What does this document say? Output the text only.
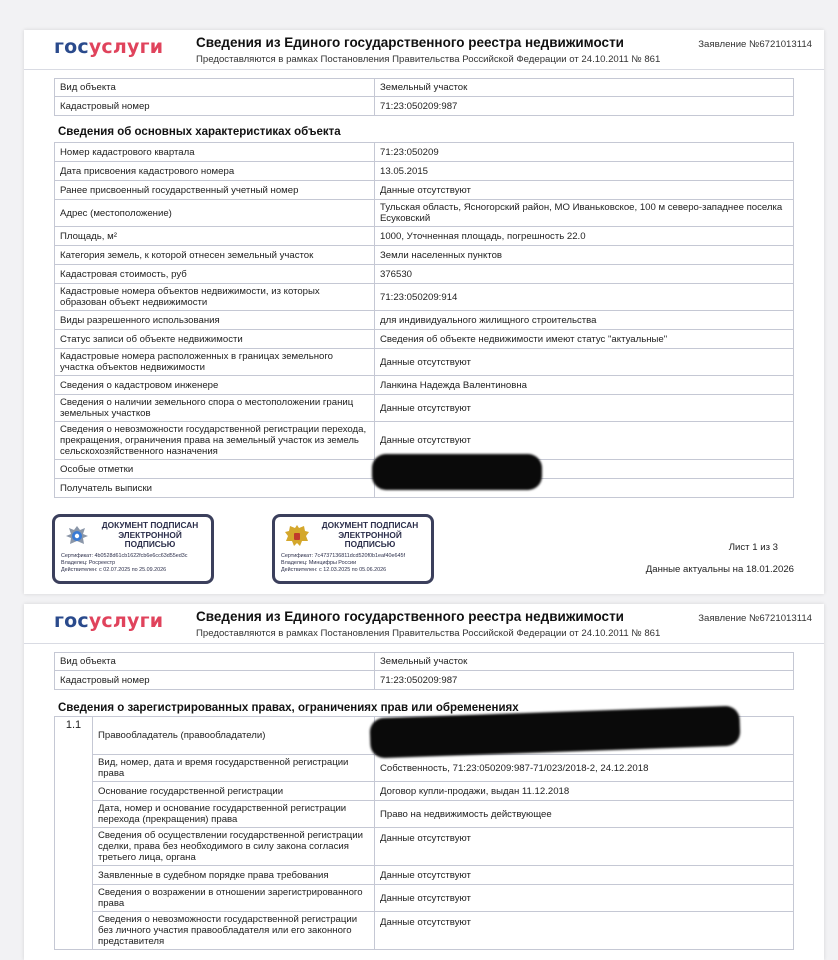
госуслуги Сведения из Единого государственного реестра недвижимости
Предоставляются в рамках Постановления Правительства Российской Федерации от 24.10.2011 № 861
Заявление №6721013114
Вид объекта	Земельный участок
Кадастровый номер	71:23:050209:987
Сведения об основных характеристиках объекта
Номер кадастрового квартала	71:23:050209
Дата присвоения кадастрового номера	13.05.2015
Ранее присвоенный государственный учетный номер	Данные отсутствуют
Адрес (местоположение)	Тульская область, Ясногорский район, МО Иваньковское, 100 м северо-западнее поселка Есуковский
Площадь, м²	1000, Уточненная площадь, погрешность 22.0
Категория земель, к которой отнесен земельный участок	Земли населенных пунктов
Кадастровая стоимость, руб	376530
Кадастровые номера объектов недвижимости, из которых образован объект недвижимости	71:23:050209:914
Виды разрешенного использования	для индивидуального жилищного строительства
Статус записи об объекте недвижимости	Сведения об объекте недвижимости имеют статус "актуальные"
Кадастровые номера расположенных в границах земельного участка объектов недвижимости	Данные отсутствуют
Сведения о кадастровом инженере	Ланкина Надежда Валентиновна
Сведения о наличии земельного спора о местоположении границ земельных участков	Данные отсутствуют
Сведения о невозможности государственной регистрации перехода, прекращения, ограничения права на земельный участок из земель сельскохозяйственного назначения	Данные отсутствуют
Особые отметки	
Получатель выписки	
ДОКУМЕНТ ПОДПИСАН
ЭЛЕКТРОННОЙ
ПОДПИСЬЮ
Сертификат: 4b0528d61cb1622fcb6e6cc63d55ed3c
Владелец: Росреестр
Действителен: с 02.07.2025 по 25.09.2026
ДОКУМЕНТ ПОДПИСАН
ЭЛЕКТРОННОЙ
ПОДПИСЬЮ
Сертификат: 7c4737136811dcd520f0b1eaf40e645f
Владелец: Минцифры России
Действителен: с 12.03.2025 по 05.06.2026
Лист 1 из 3
Данные актуальны на 18.01.2026
госуслуги Сведения из Единого государственного реестра недвижимости
Предоставляются в рамках Постановления Правительства Российской Федерации от 24.10.2011 № 861
Заявление №6721013114
Вид объекта	Земельный участок
Кадастровый номер	71:23:050209:987
Сведения о зарегистрированных правах, ограничениях прав или обременениях
1.1	Правообладатель (правообладатели)	
	Вид, номер, дата и время государственной регистрации права	Собственность, 71:23:050209:987-71/023/2018-2, 24.12.2018
	Основание государственной регистрации	Договор купли-продажи, выдан 11.12.2018
	Дата, номер и основание государственной регистрации перехода (прекращения) права	Право на недвижимость действующее
	Сведения об осуществлении государственной регистрации сделки, права без необходимого в силу закона согласия третьего лица, органа	Данные отсутствуют
	Заявленные в судебном порядке права требования	Данные отсутствуют
	Сведения о возражении в отношении зарегистрированного права	Данные отсутствуют
	Сведения о невозможности государственной регистрации без личного участия правообладателя или его законного представителя	Данные отсутствуют
